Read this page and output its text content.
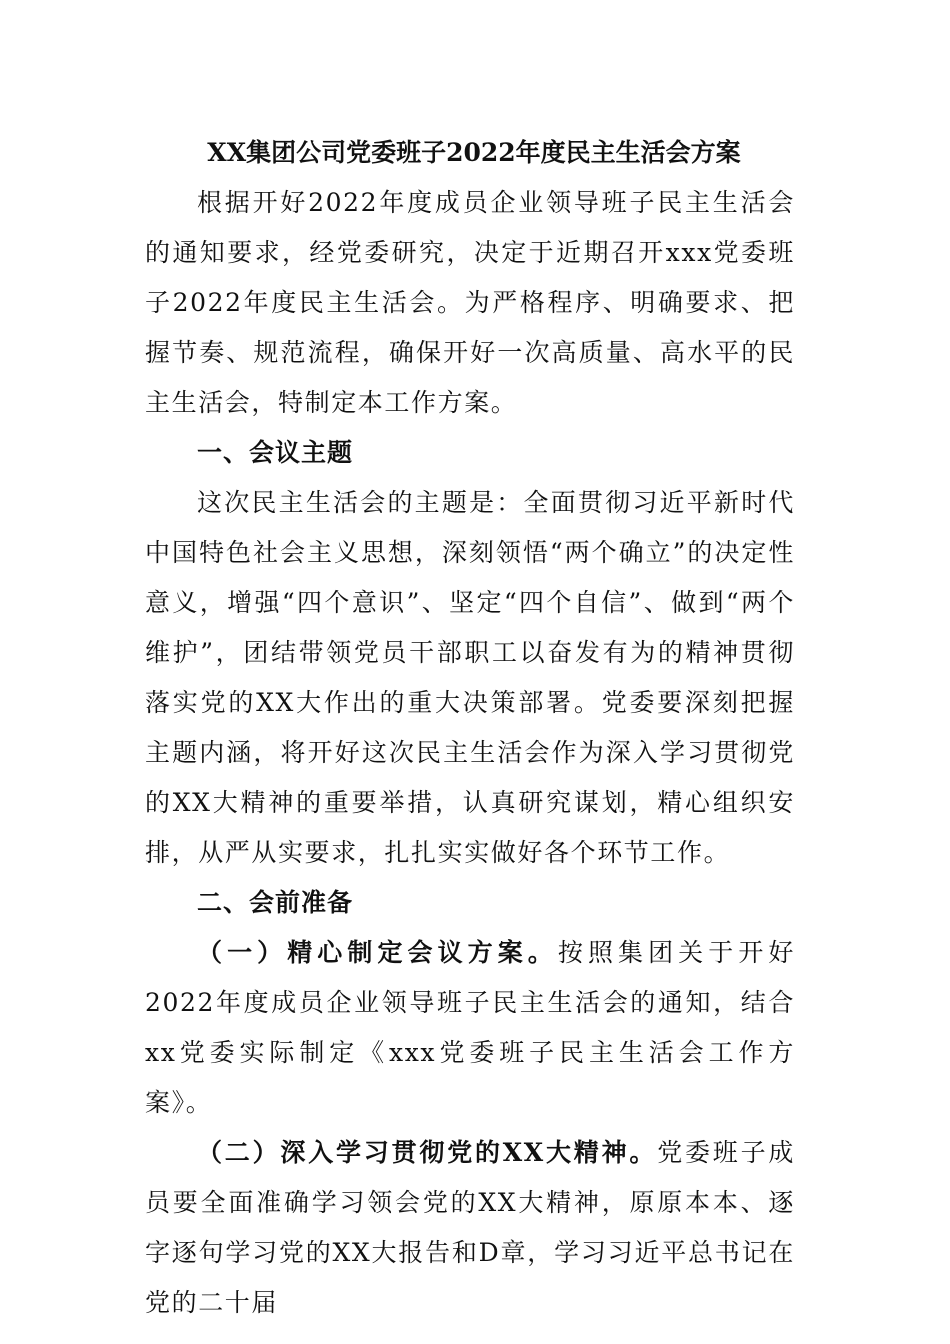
XX集团公司党委班子2022年度民主生活会方案

根据开好2022年度成员企业领导班子民主生活会的通知要求，经党委研究，决定于近期召开xxx党委班子2022年度民主生活会。为严格程序、明确要求、把握节奏、规范流程，确保开好一次高质量、高水平的民主生活会，特制定本工作方案。

一、会议主题

这次民主生活会的主题是：全面贯彻习近平新时代中国特色社会主义思想，深刻领悟“两个确立”的决定性意义，增强“四个意识”、坚定“四个自信”、做到“两个维护”，团结带领党员干部职工以奋发有为的精神贯彻落实党的XX大作出的重大决策部署。党委要深刻把握主题内涵，将开好这次民主生活会作为深入学习贯彻党的XX大精神的重要举措，认真研究谋划，精心组织安排，从严从实要求，扎扎实实做好各个环节工作。

二、会前准备

（一）精心制定会议方案。按照集团关于开好2022年度成员企业领导班子民主生活会的通知，结合xx党委实际制定《xxx党委班子民主生活会工作方案》。

（二）深入学习贯彻党的XX大精神。党委班子成员要全面准确学习领会党的XX大精神，原原本本、逐字逐句学习党的XX大报告和D章，学习习近平总书记在党的二十届
